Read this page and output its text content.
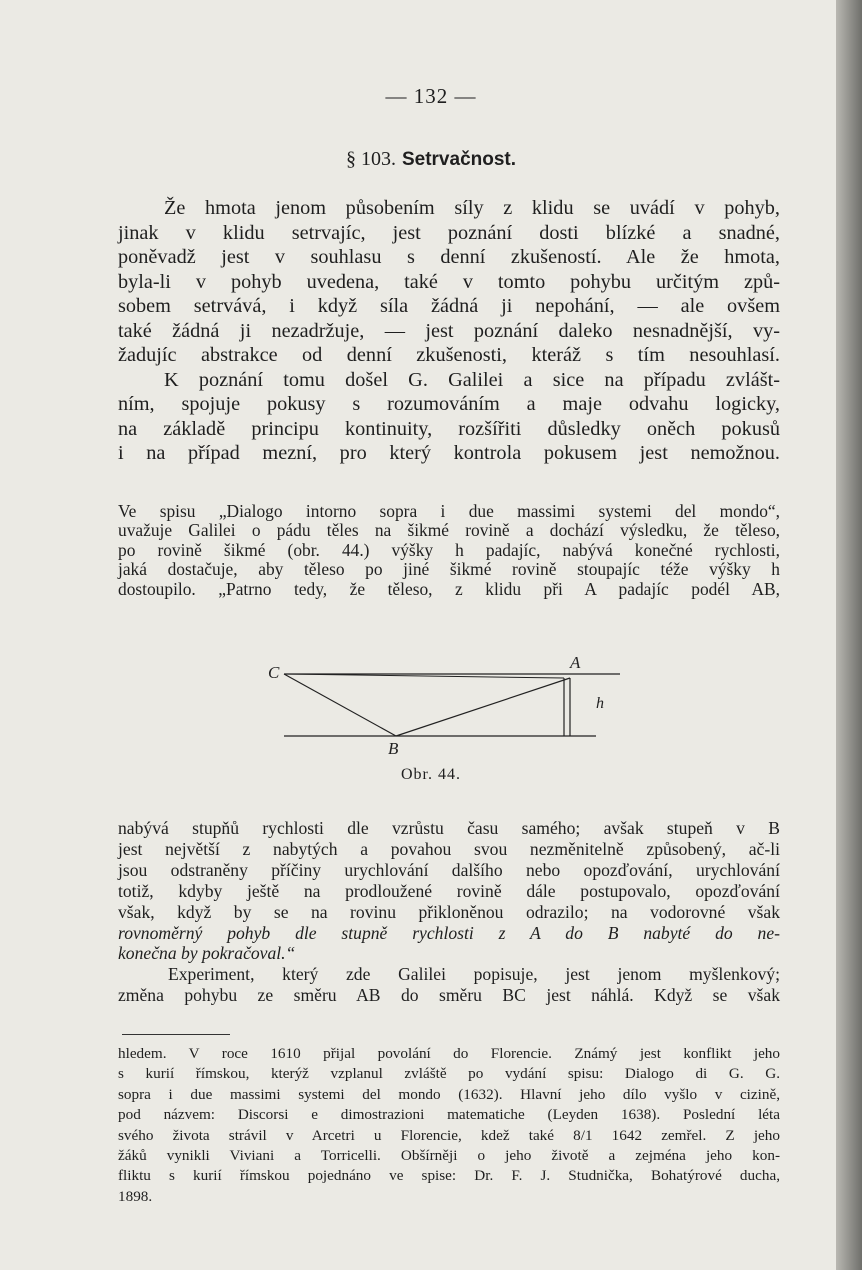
— 132 —
§ 103. Setrvačnost.
Že hmota jenom působením síly z klidu se uvádí v pohyb,
jinak v klidu setrvajíc, jest poznání dosti blízké a snadné,
poněvadž jest v souhlasu s denní zkušeností. Ale že hmota,
byla-li v pohyb uvedena, také v tomto pohybu určitým způ-
sobem setrvává, i když síla žádná ji nepohání, — ale ovšem
také žádná ji nezadržuje, — jest poznání daleko nesnadnější, vy-
žadujíc abstrakce od denní zkušenosti, kteráž s tím nesouhlasí.
K poznání tomu došel G. Galilei a sice na případu zvlášt-
ním, spojuje pokusy s rozumováním a maje odvahu logicky,
na základě principu kontinuity, rozšířiti důsledky oněch pokusů
i na případ mezní, pro který kontrola pokusem jest nemožnou.
Ve spisu „Dialogo intorno sopra i due massimi systemi del mondo“,
uvažuje Galilei o pádu těles na šikmé rovině a dochází výsledku, že těleso,
po rovině šikmé (obr. 44.) výšky h padajíc, nabývá konečné rychlosti,
jaká dostačuje, aby těleso po jiné šikmé rovině stoupajíc téže výšky h
dostoupilo. „Patrno tedy, že těleso, z klidu při A padajíc podél AB,
C
A
B
h
Obr. 44.
nabývá stupňů rychlosti dle vzrůstu času samého; avšak stupeň v B
jest největší z nabytých a povahou svou nezměnitelně způsobený, ač-li
jsou odstraněny příčiny urychlování dalšího nebo opozďování, urychlování
totiž, kdyby ještě na prodloužené rovině dále postupovalo, opozďování
však, když by se na rovinu přikloněnou odrazilo; na vodorovné však
rovnoměrný pohyb dle stupně rychlosti z A do B nabyté do ne-
konečna by pokračoval.“
Experiment, který zde Galilei popisuje, jest jenom myšlenkový;
změna pohybu ze směru AB do směru BC jest náhlá. Když se však
hledem. V roce 1610 přijal povolání do Florencie. Známý jest konflikt jeho
s kurií římskou, kterýž vzplanul zvláště po vydání spisu: Dialogo di G. G.
sopra i due massimi systemi del mondo (1632). Hlavní jeho dílo vyšlo v cizině,
pod názvem: Discorsi e dimostrazioni matematiche (Leyden 1638). Poslední léta
svého života strávil v Arcetri u Florencie, kdež také 8/1 1642 zemřel. Z jeho
žáků vynikli Viviani a Torricelli. Obšírněji o jeho životě a zejména jeho kon-
fliktu s kurií římskou pojednáno ve spise: Dr. F. J. Studnička, Bohatýrové ducha,
1898.
